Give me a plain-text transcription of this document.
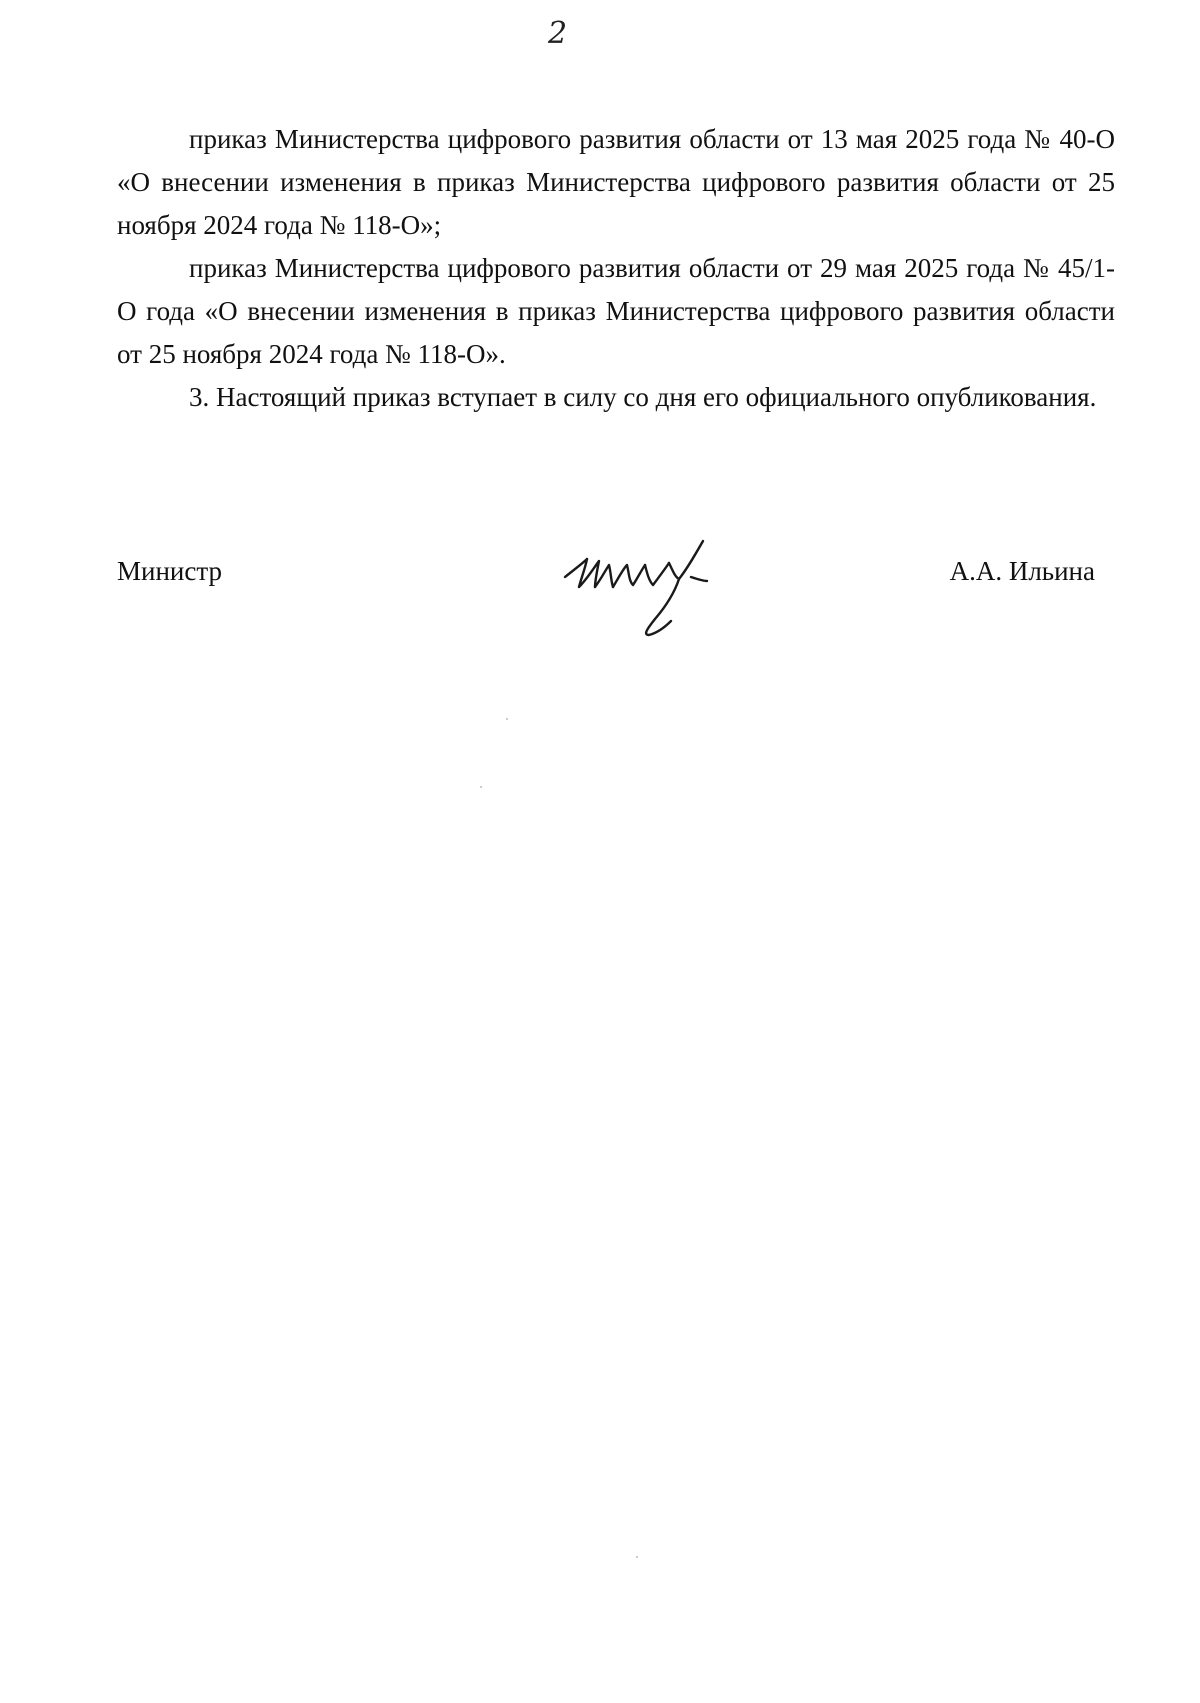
2

приказ Министерства цифрового развития области от 13 мая 2025 года № 40-О «О внесении изменения в приказ Министерства цифрового развития области от 25 ноября 2024 года № 118-О»;

приказ Министерства цифрового развития области от 29 мая 2025 года № 45/1-О года «О внесении изменения в приказ Министерства цифрового развития области от 25 ноября 2024 года № 118-О».

3. Настоящий приказ вступает в силу со дня его официального опубликования.

Министр	А.А. Ильина
